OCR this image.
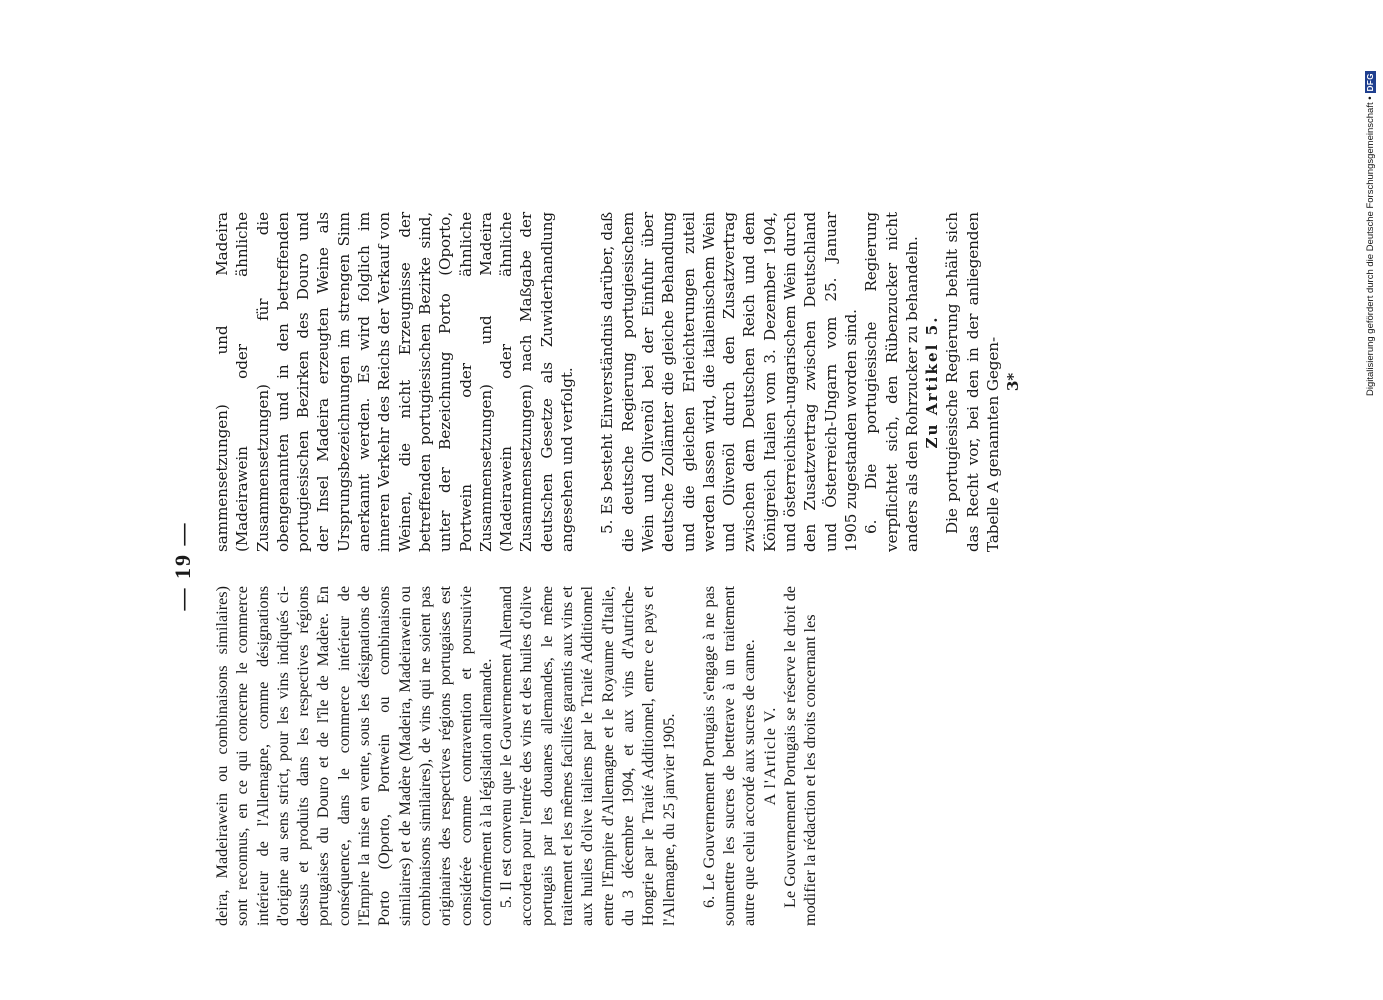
— 19 —

deira, Madeirawein ou combinaisons similaires) sont reconnus, en ce qui concerne le commerce intérieur de l'Allemagne, comme désignations d'origine au sens strict, pour les vins indiqués ci-dessus et produits dans les respectives régions portugaises du Douro et de l'île de Madère. En conséquence, dans le commerce intérieur de l'Empire la mise en vente, sous les désignations de Porto (Oporto, Portwein ou combinaisons similaires) et de Madère (Madeira, Madeirawein ou combinaisons similaires), de vins qui ne soient pas originaires des respectives régions portugaises est considérée comme contravention et poursuivie conformément à la législation allemande. 5. Il est convenu que le Gouvernement Allemand accordera pour l'entrée des vins et des huiles d'olive portugais par les douanes allemandes, le même traitement et les mêmes facilités garantis aux vins et aux huiles d'olive italiens par le Traité Additionnel entre l'Empire d'Allemagne et le Royaume d'Italie, du 3 décembre 1904, et aux vins d'Autriche-Hongrie par le Traité Additionnel, entre ce pays et l'Allemagne, du 25 janvier 1905. 6. Le Gouvernement Portugais s'engage à ne pas soumettre les sucres de betterave à un traitement autre que celui accordé aux sucres de canne. A l'Article V. Le Gouvernement Portugais se réserve le droit de modifier la rédaction et les droits concernant les

sammensetzungen) und Madeira (Madeirawein oder ähnliche Zusammensetzungen) für die obengenannten und in den betreffenden portugiesischen Bezirken des Douro und der Insel Madeira erzeugten Weine als Ursprungsbezeichnungen im strengen Sinn anerkannt werden. Es wird folglich im inneren Verkehr des Reichs der Verkauf von Weinen, die nicht Erzeugnisse der betreffenden portugiesischen Bezirke sind, unter der Bezeichnung Porto (Oporto, Portwein oder ähnliche Zusammensetzungen) und Madeira (Madeirawein oder ähnliche Zusammensetzungen) nach Maßgabe der deutschen Gesetze als Zuwiderhandlung angesehen und verfolgt. 5. Es besteht Einverständnis darüber, daß die deutsche Regierung portugiesischem Wein und Olivenöl bei der Einfuhr über deutsche Zollämter die gleiche Behandlung und die gleichen Erleichterungen zuteil werden lassen wird, die italienischem Wein und Olivenöl durch den Zusatzvertrag zwischen dem Deutschen Reich und dem Königreich Italien vom 3. Dezember 1904, und österreichisch-ungarischem Wein durch den Zusatzvertrag zwischen Deutschland und Österreich-Ungarn vom 25. Januar 1905 zugestanden worden sind. 6. Die portugiesische Regierung verpflichtet sich, den Rübenzucker nicht anders als den Rohrzucker zu behandeln. Zu Artikel 5. Die portugiesische Regierung behält sich das Recht vor, bei den in der anliegenden Tabelle A genannten Gegen- 3*	Digitalisierung gefördert durch die Deutsche Forschungsgemeinschaft •
DFG
